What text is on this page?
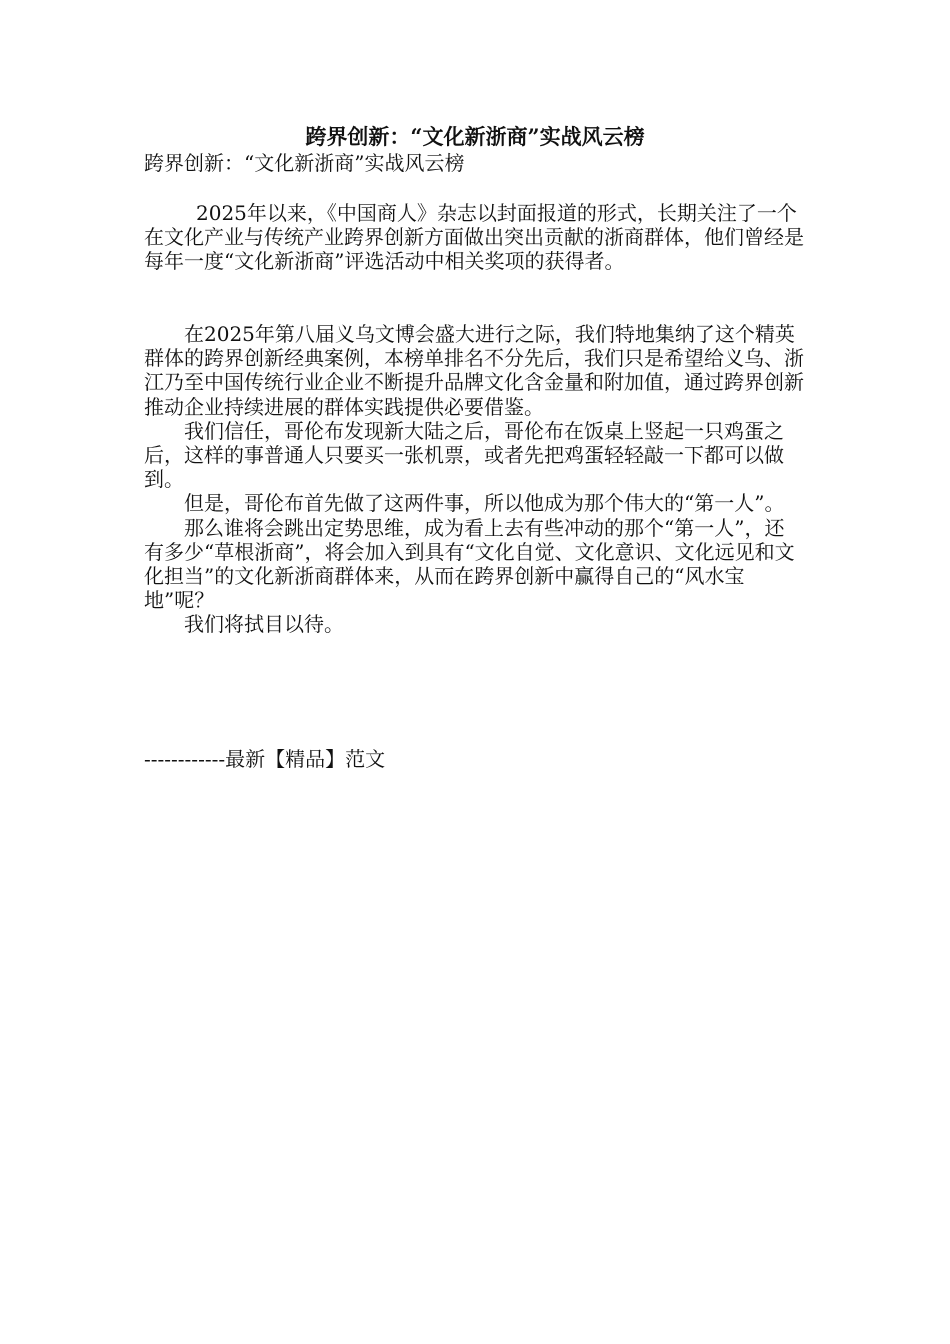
跨界创新：“文化新浙商”实战风云榜
跨界创新：“文化新浙商”实战风云榜

2025年以来，《中国商人》杂志以封面报道的形式，长期关注了一个在文化产业与传统产业跨界创新方面做出突出贡献的浙商群体，他们曾经是每年一度“文化新浙商”评选活动中相关奖项的获得者。

在2025年第八届义乌文博会盛大进行之际，我们特地集纳了这个精英群体的跨界创新经典案例，本榜单排名不分先后，我们只是希望给义乌、浙江乃至中国传统行业企业不断提升品牌文化含金量和附加值，通过跨界创新推动企业持续进展的群体实践提供必要借鉴。

我们信任，哥伦布发现新大陆之后，哥伦布在饭桌上竖起一只鸡蛋之后，这样的事普通人只要买一张机票，或者先把鸡蛋轻轻敲一下都可以做到。

但是，哥伦布首先做了这两件事，所以他成为那个伟大的“第一人”。

那么谁将会跳出定势思维，成为看上去有些冲动的那个“第一人”，还有多少“草根浙商”，将会加入到具有“文化自觉、文化意识、文化远见和文化担当”的文化新浙商群体来，从而在跨界创新中赢得自己的“风水宝地”呢？

我们将拭目以待。

------------最新【精品】范文
